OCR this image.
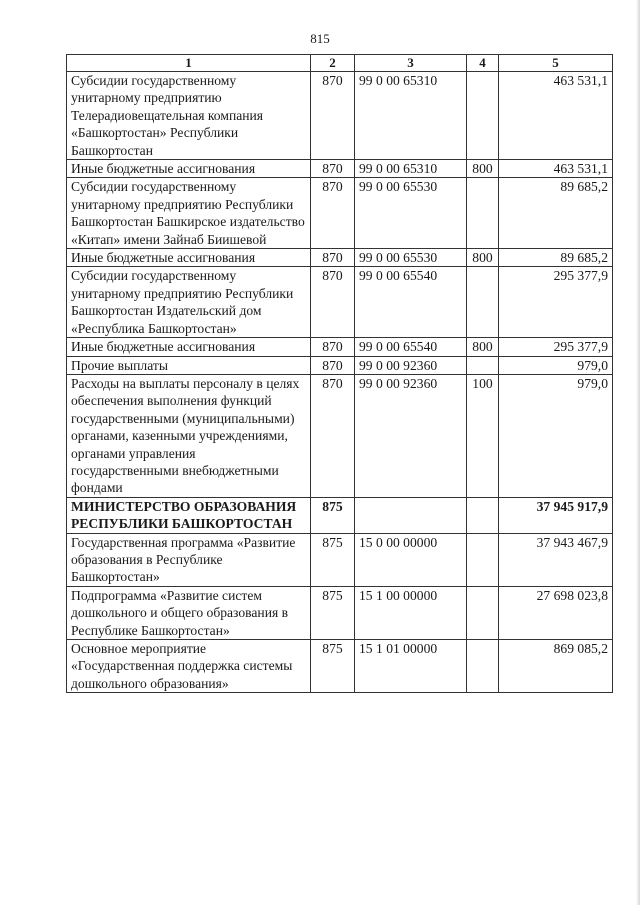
815
1	2	3	4	5
Субсидии государственному унитарному предприятию Телерадиовещательная компания «Башкортостан» Республики Башкортостан	870	99 0 00 65310		463 531,1
Иные бюджетные ассигнования	870	99 0 00 65310	800	463 531,1
Субсидии государственному унитарному предприятию Республики Башкортостан Башкирское издательство «Китап» имени Зайнаб Биишевой	870	99 0 00 65530		89 685,2
Иные бюджетные ассигнования	870	99 0 00 65530	800	89 685,2
Субсидии государственному унитарному предприятию Республики Башкортостан Издательский дом «Республика Башкортостан»	870	99 0 00 65540		295 377,9
Иные бюджетные ассигнования	870	99 0 00 65540	800	295 377,9
Прочие выплаты	870	99 0 00 92360		979,0
Расходы на выплаты персоналу в целях обеспечения выполнения функций государственными (муниципальными) органами, казенными учреждениями, органами управления государственными внебюджетными фондами	870	99 0 00 92360	100	979,0
МИНИСТЕРСТВО ОБРАЗОВАНИЯ РЕСПУБЛИКИ БАШКОРТОСТАН	875			37 945 917,9
Государственная программа «Развитие образования в Республике Башкортостан»	875	15 0 00 00000		37 943 467,9
Подпрограмма «Развитие систем дошкольного и общего образования в Республике Башкортостан»	875	15 1 00 00000		27 698 023,8
Основное мероприятие «Государственная поддержка системы дошкольного образования»	875	15 1 01 00000		869 085,2
